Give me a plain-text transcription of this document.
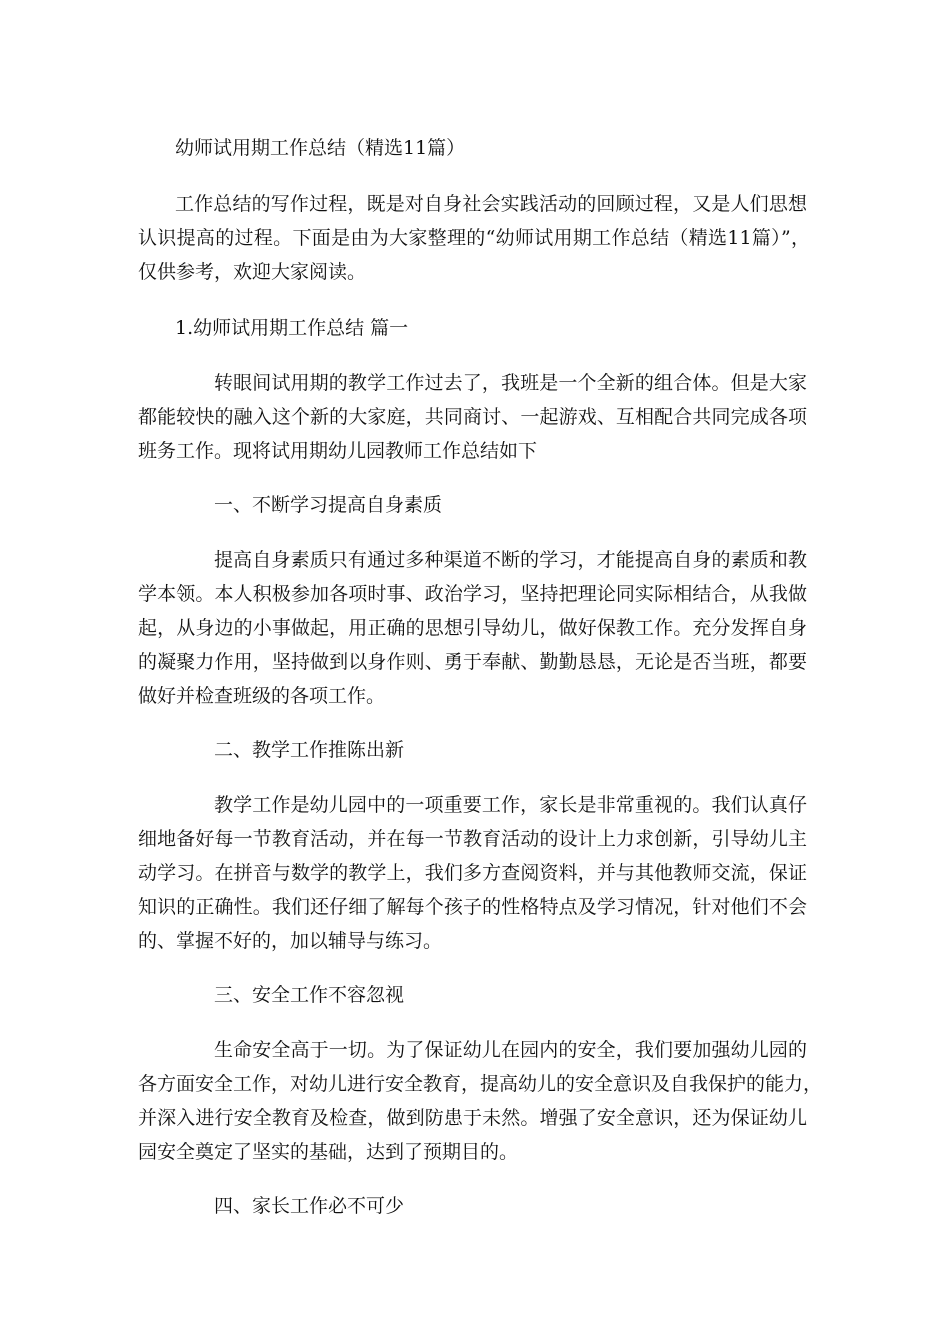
幼师试用期工作总结（精选11篇）
工作总结的写作过程，既是对自身社会实践活动的回顾过程，又是人们思想
认识提高的过程。下面是由为大家整理的“幼师试用期工作总结（精选11篇）”，
仅供参考，欢迎大家阅读。
1.幼师试用期工作总结 篇一
转眼间试用期的教学工作过去了，我班是一个全新的组合体。但是大家
都能较快的融入这个新的大家庭，共同商讨、一起游戏、互相配合共同完成各项
班务工作。现将试用期幼儿园教师工作总结如下
一、不断学习提高自身素质
提高自身素质只有通过多种渠道不断的学习，才能提高自身的素质和教
学本领。本人积极参加各项时事、政治学习，坚持把理论同实际相结合，从我做
起，从身边的小事做起，用正确的思想引导幼儿，做好保教工作。充分发挥自身
的凝聚力作用，坚持做到以身作则、勇于奉献、勤勤恳恳，无论是否当班，都要
做好并检查班级的各项工作。
二、教学工作推陈出新
教学工作是幼儿园中的一项重要工作，家长是非常重视的。我们认真仔
细地备好每一节教育活动，并在每一节教育活动的设计上力求创新，引导幼儿主
动学习。在拼音与数学的教学上，我们多方查阅资料，并与其他教师交流，保证
知识的正确性。我们还仔细了解每个孩子的性格特点及学习情况，针对他们不会
的、掌握不好的，加以辅导与练习。
三、安全工作不容忽视
生命安全高于一切。为了保证幼儿在园内的安全，我们要加强幼儿园的
各方面安全工作，对幼儿进行安全教育，提高幼儿的安全意识及自我保护的能力，
并深入进行安全教育及检查，做到防患于未然。增强了安全意识，还为保证幼儿
园安全奠定了坚实的基础，达到了预期目的。
四、家长工作必不可少
